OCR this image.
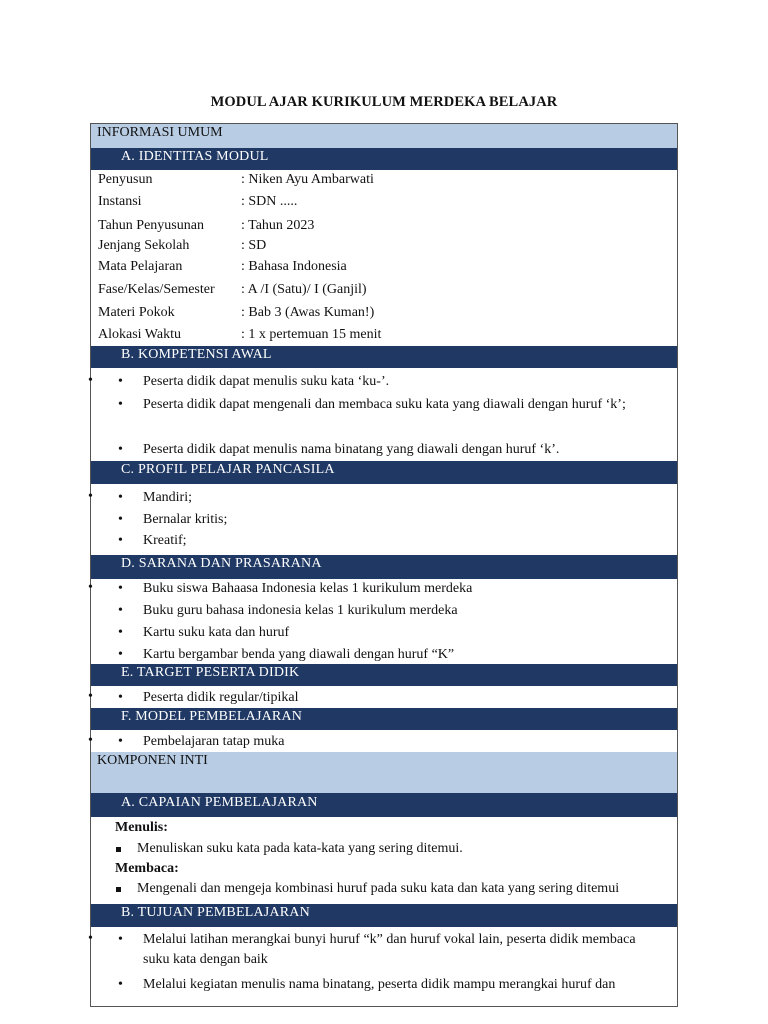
MODUL AJAR KURIKULUM MERDEKA BELAJAR
INFORMASI UMUM
A. IDENTITAS MODUL
Penyusun	: Niken Ayu Ambarwati
Instansi	: SDN .....
Tahun Penyusunan	: Tahun 2023
Jenjang Sekolah	: SD
Mata Pelajaran	: Bahasa Indonesia
Fase/Kelas/Semester : A /I (Satu)/ I (Ganjil)
Materi Pokok	: Bab 3 (Awas Kuman!)
Alokasi Waktu	: 1 x pertemuan 15 menit
B. KOMPETENSI AWAL
•	• Peserta didik dapat menulis suku kata ‘ku-’.
• Peserta didik dapat mengenali dan membaca suku kata yang diawali dengan huruf ‘k’;
• Peserta didik dapat menulis nama binatang yang diawali dengan huruf ‘k’.
C. PROFIL PELAJAR PANCASILA
•	• Mandiri;
• Bernalar kritis;
• Kreatif;
D. SARANA DAN PRASARANA
•	• Buku siswa Bahaasa Indonesia kelas 1 kurikulum merdeka
• Buku guru bahasa indonesia kelas 1 kurikulum merdeka
• Kartu suku kata dan huruf
• Kartu bergambar benda yang diawali dengan huruf “K”
E. TARGET PESERTA DIDIK
•	• Peserta didik regular/tipikal
F. MODEL PEMBELAJARAN
•	• Pembelajaran tatap muka
KOMPONEN INTI
A. CAPAIAN PEMBELAJARAN
Menulis:
Menuliskan suku kata pada kata-kata yang sering ditemui.
Membaca:
Mengenali dan mengeja kombinasi huruf pada suku kata dan kata yang sering ditemui
B. TUJUAN PEMBELAJARAN
•	• Melalui latihan merangkai bunyi huruf “k” dan huruf vokal lain, peserta didik membaca suku kata dengan baik
• Melalui kegiatan menulis nama binatang, peserta didik mampu merangkai huruf dan
